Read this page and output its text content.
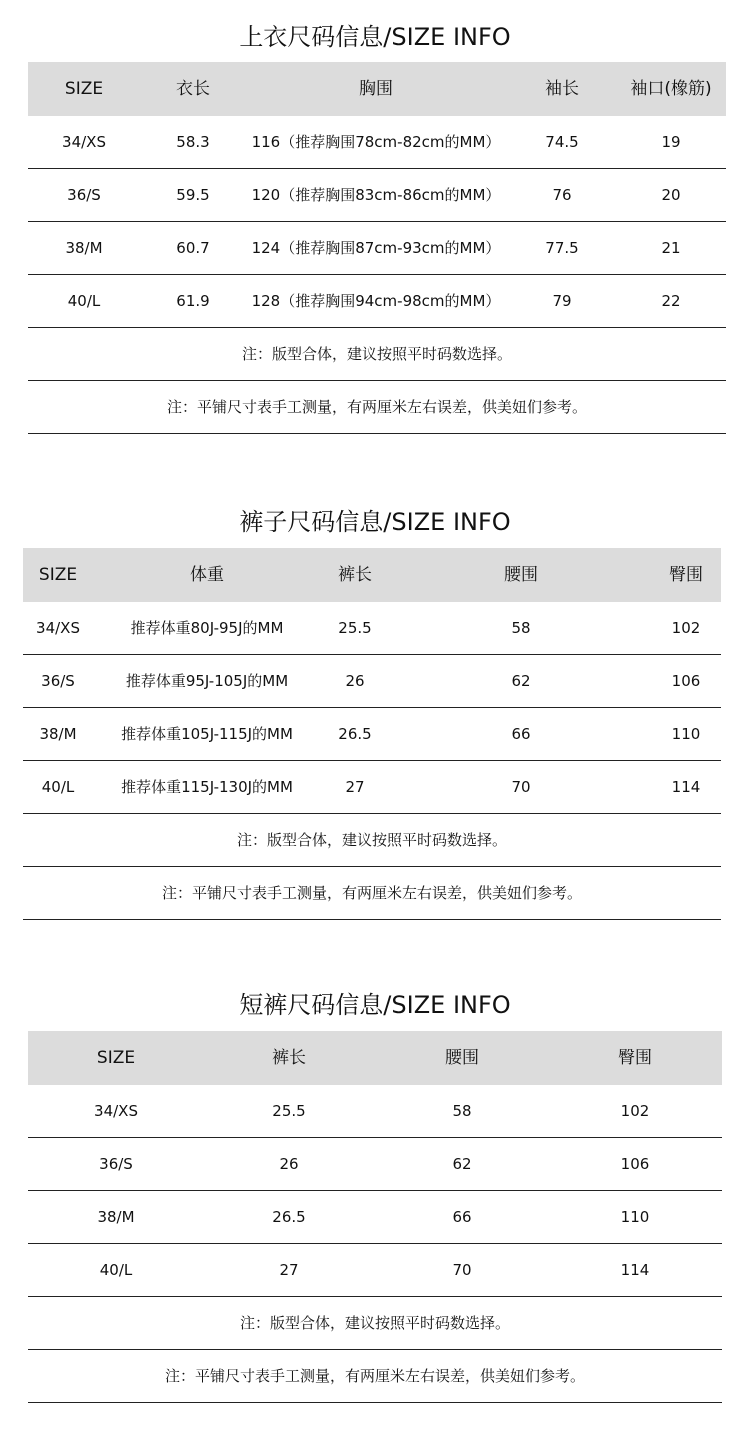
上衣尺码信息/SIZE INFO
SIZE	衣长	胸围	袖长	袖口(橡筋)
34/XS	58.3	116（推荐胸围78cm-82cm的MM）	74.5	19
36/S	59.5	120（推荐胸围83cm-86cm的MM）	76	20
38/M	60.7	124（推荐胸围87cm-93cm的MM）	77.5	21
40/L	61.9	128（推荐胸围94cm-98cm的MM）	79	22
注：版型合体，建议按照平时码数选择。
注：平铺尺寸表手工测量，有两厘米左右误差，供美妞们参考。
裤子尺码信息/SIZE INFO
SIZE	体重	裤长	腰围	臀围
34/XS	推荐体重80J-95J的MM	25.5	58	102
36/S	推荐体重95J-105J的MM	26	62	106
38/M	推荐体重105J-115J的MM	26.5	66	110
40/L	推荐体重115J-130J的MM	27	70	114
注：版型合体，建议按照平时码数选择。
注：平铺尺寸表手工测量，有两厘米左右误差，供美妞们参考。
短裤尺码信息/SIZE INFO
SIZE	裤长	腰围	臀围
34/XS	25.5	58	102
36/S	26	62	106
38/M	26.5	66	110
40/L	27	70	114
注：版型合体，建议按照平时码数选择。
注：平铺尺寸表手工测量，有两厘米左右误差，供美妞们参考。
